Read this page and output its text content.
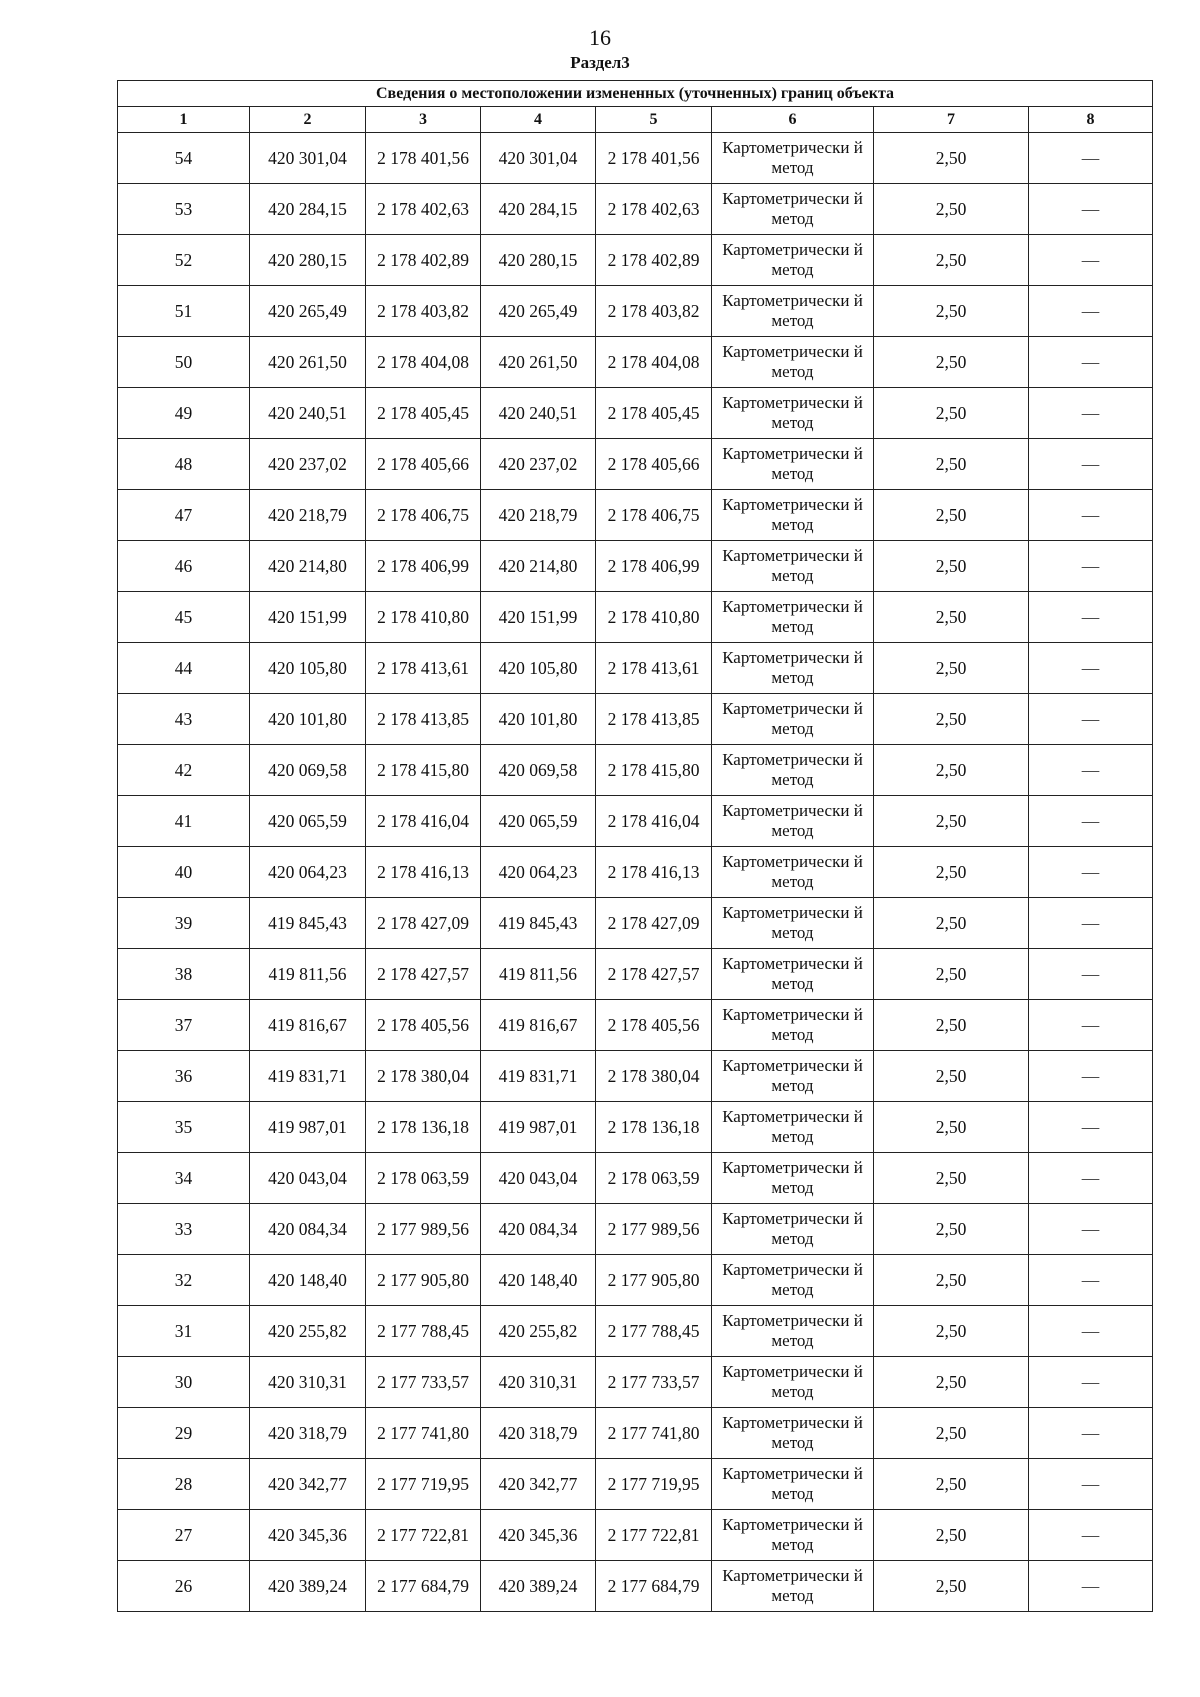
16
Раздел3
Сведения о местоположении измененных (уточненных) границ объекта							
1	2	3	4	5	6	7	8
54	420 301,04	2 178 401,56	420 301,04	2 178 401,56	Картометрически й метод	2,50	—
53	420 284,15	2 178 402,63	420 284,15	2 178 402,63	Картометрически й метод	2,50	—
52	420 280,15	2 178 402,89	420 280,15	2 178 402,89	Картометрически й метод	2,50	—
51	420 265,49	2 178 403,82	420 265,49	2 178 403,82	Картометрически й метод	2,50	—
50	420 261,50	2 178 404,08	420 261,50	2 178 404,08	Картометрически й метод	2,50	—
49	420 240,51	2 178 405,45	420 240,51	2 178 405,45	Картометрически й метод	2,50	—
48	420 237,02	2 178 405,66	420 237,02	2 178 405,66	Картометрически й метод	2,50	—
47	420 218,79	2 178 406,75	420 218,79	2 178 406,75	Картометрически й метод	2,50	—
46	420 214,80	2 178 406,99	420 214,80	2 178 406,99	Картометрически й метод	2,50	—
45	420 151,99	2 178 410,80	420 151,99	2 178 410,80	Картометрически й метод	2,50	—
44	420 105,80	2 178 413,61	420 105,80	2 178 413,61	Картометрически й метод	2,50	—
43	420 101,80	2 178 413,85	420 101,80	2 178 413,85	Картометрически й метод	2,50	—
42	420 069,58	2 178 415,80	420 069,58	2 178 415,80	Картометрически й метод	2,50	—
41	420 065,59	2 178 416,04	420 065,59	2 178 416,04	Картометрически й метод	2,50	—
40	420 064,23	2 178 416,13	420 064,23	2 178 416,13	Картометрически й метод	2,50	—
39	419 845,43	2 178 427,09	419 845,43	2 178 427,09	Картометрически й метод	2,50	—
38	419 811,56	2 178 427,57	419 811,56	2 178 427,57	Картометрически й метод	2,50	—
37	419 816,67	2 178 405,56	419 816,67	2 178 405,56	Картометрически й метод	2,50	—
36	419 831,71	2 178 380,04	419 831,71	2 178 380,04	Картометрически й метод	2,50	—
35	419 987,01	2 178 136,18	419 987,01	2 178 136,18	Картометрически й метод	2,50	—
34	420 043,04	2 178 063,59	420 043,04	2 178 063,59	Картометрически й метод	2,50	—
33	420 084,34	2 177 989,56	420 084,34	2 177 989,56	Картометрически й метод	2,50	—
32	420 148,40	2 177 905,80	420 148,40	2 177 905,80	Картометрически й метод	2,50	—
31	420 255,82	2 177 788,45	420 255,82	2 177 788,45	Картометрически й метод	2,50	—
30	420 310,31	2 177 733,57	420 310,31	2 177 733,57	Картометрически й метод	2,50	—
29	420 318,79	2 177 741,80	420 318,79	2 177 741,80	Картометрически й метод	2,50	—
28	420 342,77	2 177 719,95	420 342,77	2 177 719,95	Картометрически й метод	2,50	—
27	420 345,36	2 177 722,81	420 345,36	2 177 722,81	Картометрически й метод	2,50	—
26	420 389,24	2 177 684,79	420 389,24	2 177 684,79	Картометрически й метод	2,50	—
